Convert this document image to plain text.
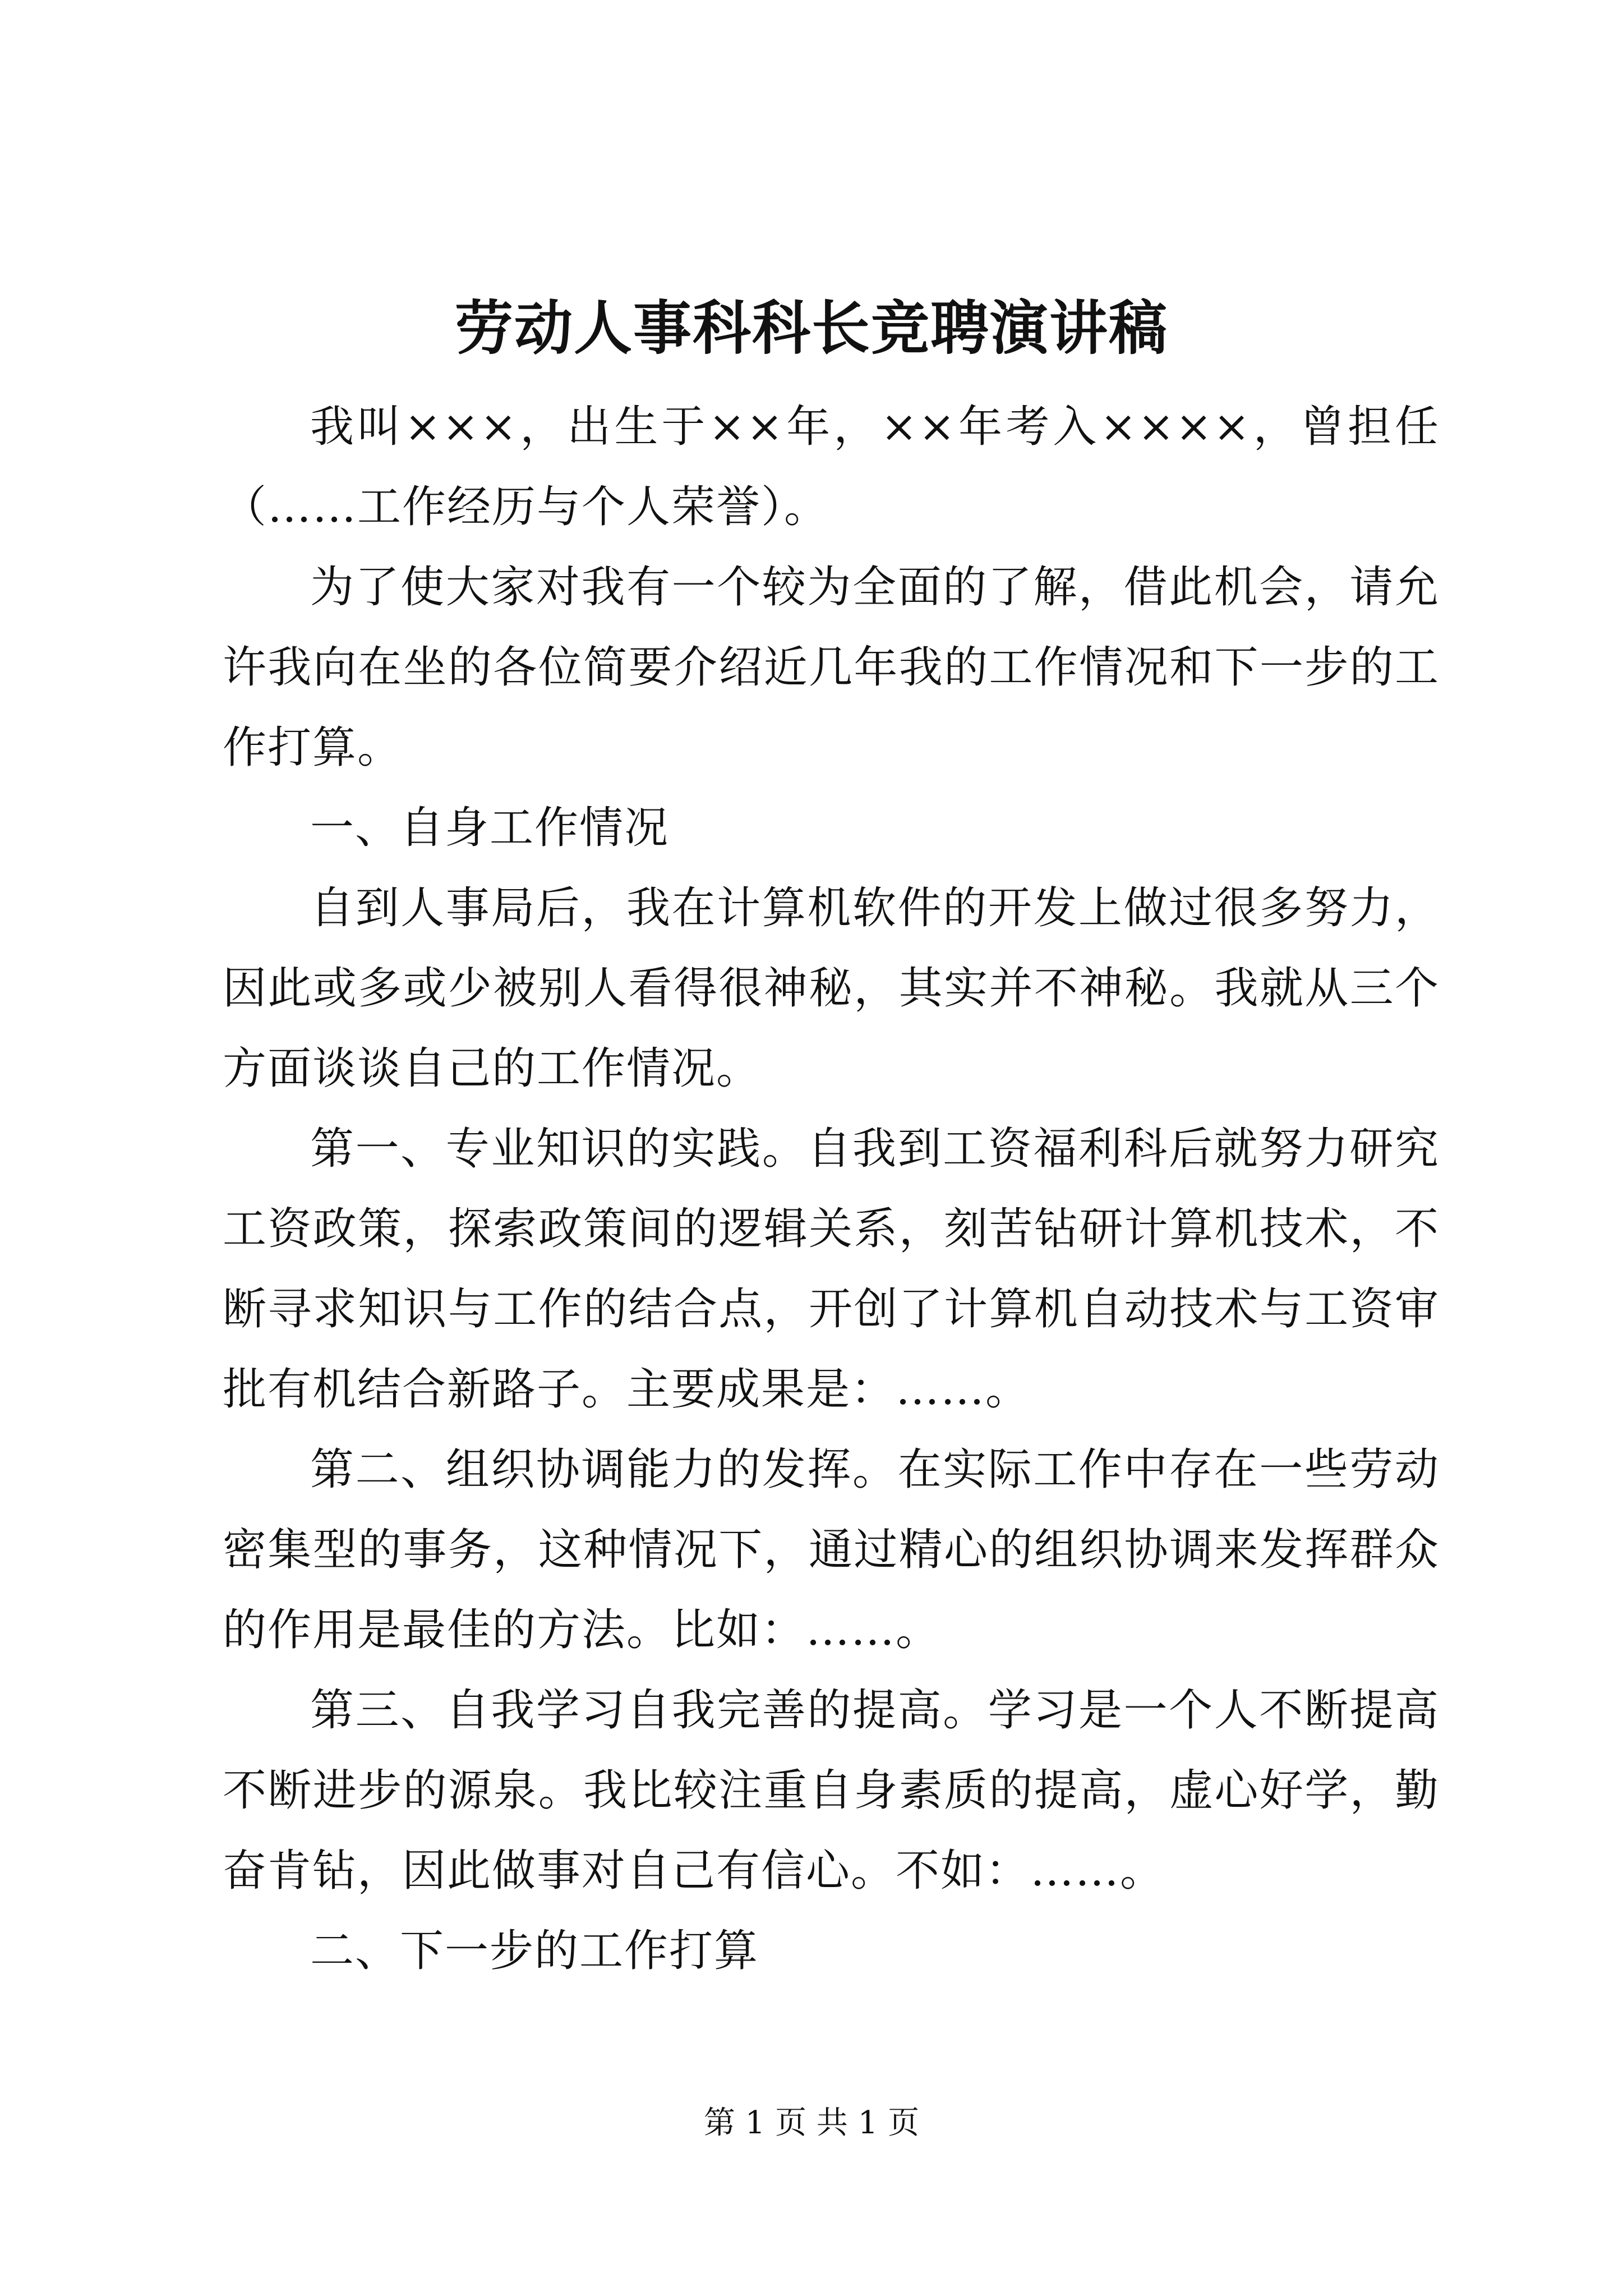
劳动人事科科长竞聘演讲稿

我叫×××，出生于××年，××年考入××××，曾担任（……工作经历与个人荣誉）。

为了使大家对我有一个较为全面的了解，借此机会，请允许我向在坐的各位简要介绍近几年我的工作情况和下一步的工作打算。

一、自身工作情况

自到人事局后，我在计算机软件的开发上做过很多努力，因此或多或少被别人看得很神秘，其实并不神秘。我就从三个方面谈谈自己的工作情况。

第一、专业知识的实践。自我到工资福利科后就努力研究工资政策，探索政策间的逻辑关系，刻苦钻研计算机技术，不断寻求知识与工作的结合点，开创了计算机自动技术与工资审批有机结合新路子。主要成果是：……。

第二、组织协调能力的发挥。在实际工作中存在一些劳动密集型的事务，这种情况下，通过精心的组织协调来发挥群众的作用是最佳的方法。比如：……。

第三、自我学习自我完善的提高。学习是一个人不断提高不断进步的源泉。我比较注重自身素质的提高，虚心好学，勤奋肯钻，因此做事对自己有信心。不如：……。

二、下一步的工作打算

第 1 页 共 1 页
